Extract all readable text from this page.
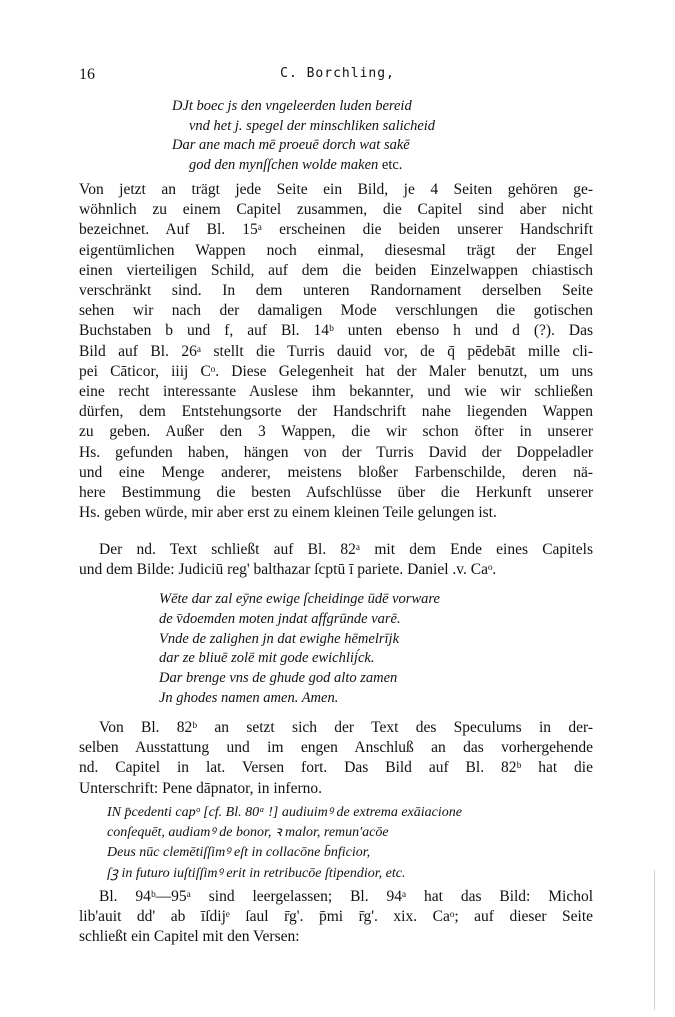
16	C. Borchling,
DJt boec js den vngeleerden luden bereid
vnd het j. spegel der minschliken salicheid
Dar ane mach mē proeuē dorch wat sakē
god den mynſſchen wolde maken etc.
Von jetzt an trägt jede Seite ein Bild, je 4 Seiten gehören ge-
wöhnlich zu einem Capitel zusammen, die Capitel sind aber nicht
bezeichnet. Auf Bl. 15ᵃ erscheinen die beiden unserer Handschrift
eigentümlichen Wappen noch einmal, diesesmal trägt der Engel
einen vierteiligen Schild, auf dem die beiden Einzelwappen chiastisch
verschränkt sind. In dem unteren Randornament derselben Seite
sehen wir nach der damaligen Mode verschlungen die gotischen
Buchstaben b und f, auf Bl. 14ᵇ unten ebenso h und d (?). Das
Bild auf Bl. 26ᵃ stellt die Turris dauid vor, de q̄ pēdebāt mille cli-
pei Cāticor, iiij Cᵒ. Diese Gelegenheit hat der Maler benutzt, um uns
eine recht interessante Auslese ihm bekannter, und wie wir schließen
dürfen, dem Entstehungsorte der Handschrift nahe liegenden Wappen
zu geben. Außer den 3 Wappen, die wir schon öfter in unserer
Hs. gefunden haben, hängen von der Turris David der Doppeladler
und eine Menge anderer, meistens bloßer Farbenschilde, deren nä-
here Bestimmung die besten Aufschlüsse über die Herkunft unserer
Hs. geben würde, mir aber erst zu einem kleinen Teile gelungen ist.
Der nd. Text schließt auf Bl. 82ᵃ mit dem Ende eines Capitels
und dem Bilde: Judiciū reg' balthazar ſcptū ī pariete. Daniel .v. Caᵒ.
Wēte dar zal eȳne ewige ſcheidinge ūdē vorware
de v̄doemden moten jndat affgrūnde varē.
Vnde de zalighen jn dat ewighe hēmelrījk
dar ze bliuē zolē mit gode ewichlij́ck.
Dar brenge vns de ghude god alto zamen
Jn ghodes namen amen. Amen.
Von Bl. 82ᵇ an setzt sich der Text des Speculums in der-
selben Ausstattung und im engen Anschluß an das vorhergehende
nd. Capitel in lat. Versen fort. Das Bild auf Bl. 82ᵇ hat die
Unterschrift: Pene dāpnator, in inferno.
IN p̄cedenti capᵒ [cf. Bl. 80ᵃ !] audiuimꝰ de extrema exāiacione
conſequēt, audiamꝰ de bonor, ꝛ malor, remun'acōe
Deus nūc clemētiſſimꝰ eſt in collacōne b̄nficior,
ſꝫ in futuro iuſtiſſimꝰ erit in retribucōe ſtipendior, etc.
Bl. 94ᵇ—95ᵃ sind leergelassen; Bl. 94ᵃ hat das Bild: Michol
lib'auit dd' ab īſdijᵉ ſaul r̄g'. p̄mi r̄g'. xix. Caᵒ; auf dieser Seite
schließt ein Capitel mit den Versen:
